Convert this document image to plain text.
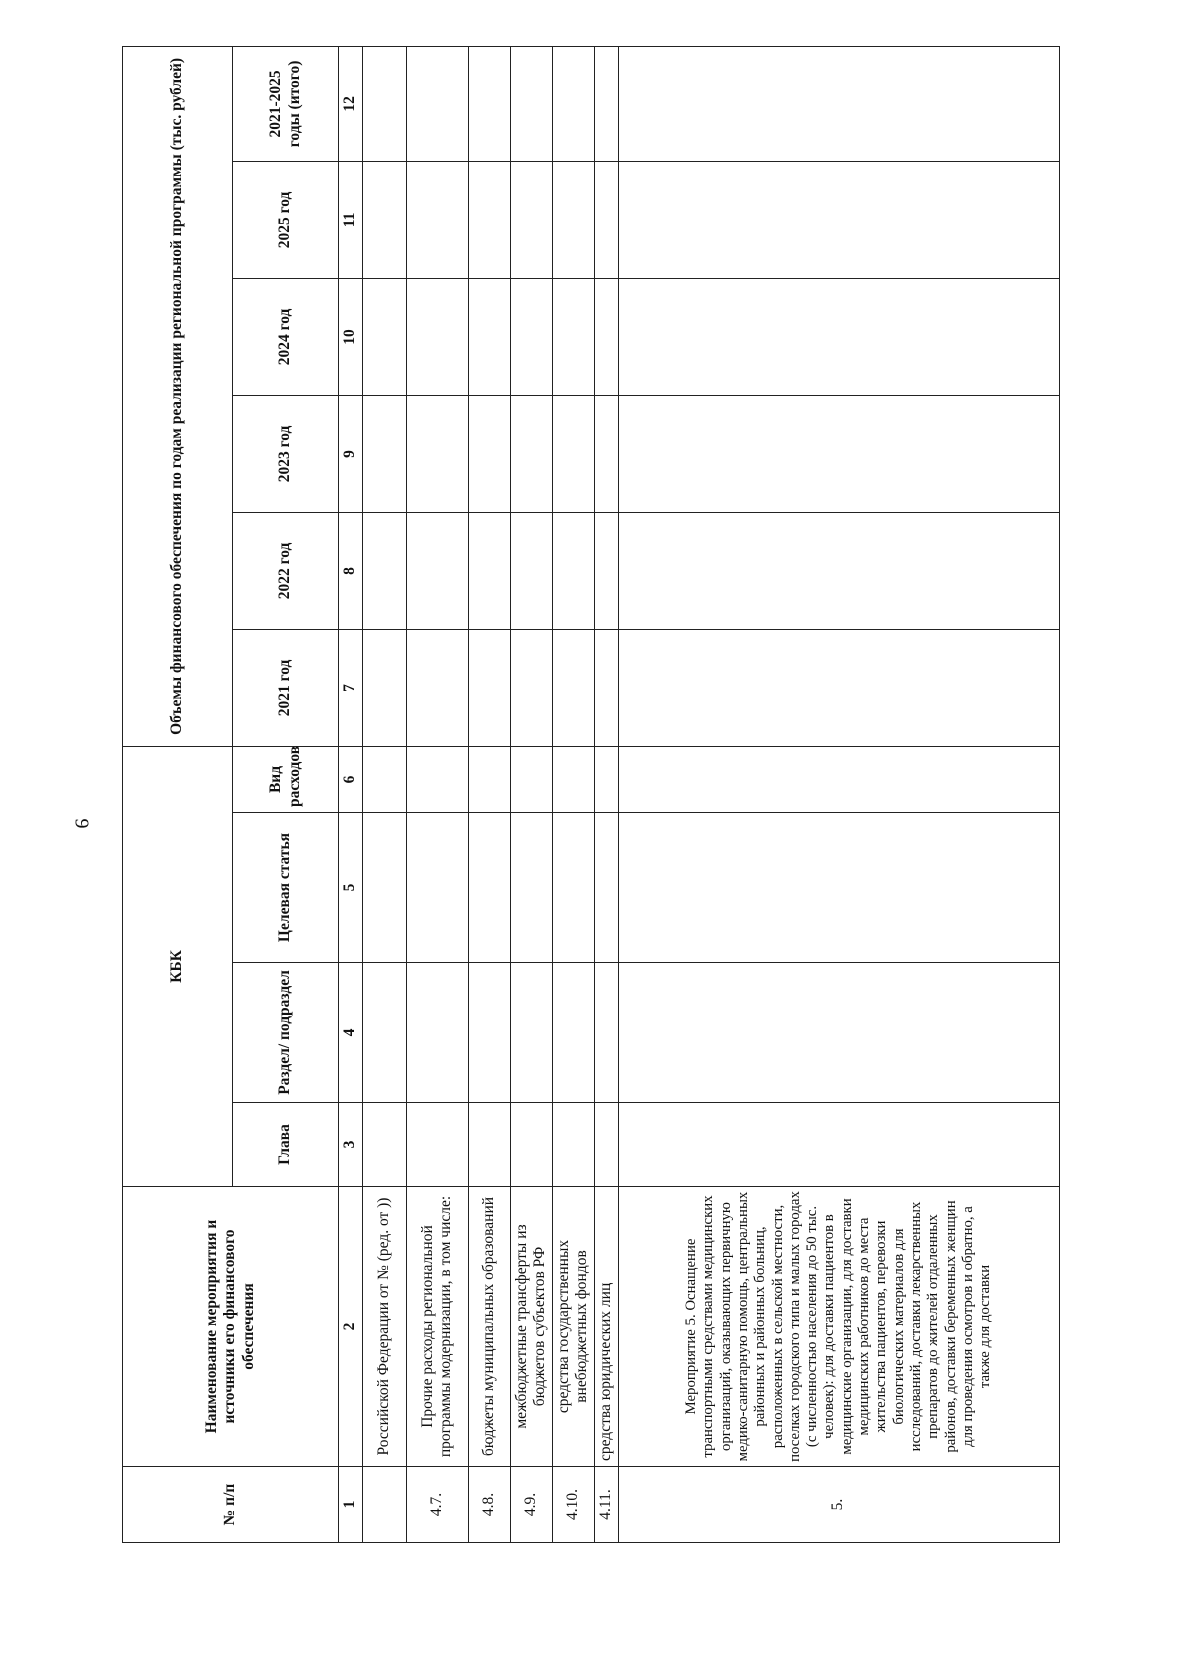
9
№ п/п	Наименование мероприятия и источники его финансового обеспечения	КБК				Объемы финансового обеспечения по годам реализации региональной программы (тыс. рублей)					
		Глава	Раздел/ подраздел	Целевая статья	Вид расходов	2021 год	2022 год	2023 год	2024 год	2025 год	2021-2025 годы (итого)
1	2	3	4	5	6	7	8	9	10	11	12
	Российской Федерации от № (ред. от ))										
4.7.	Прочие расходы региональной программы модернизации, в том числе:										
4.8.	бюджеты муниципальных образований										
4.9.	межбюджетные трансферты из бюджетов субъектов РФ										
4.10.	средства государственных внебюджетных фондов										
4.11.	средства юридических лиц										
5.	Мероприятие 5. Оснащение транспортными средствами медицинских организаций, оказывающих первичную медико-санитарную помощь, центральных районных и районных больниц, расположенных в сельской местности, поселках городского типа и малых городах (с численностью населения до 50 тыс. человек): для доставки пациентов в медицинские организации, для доставки медицинских работников до места жительства пациентов, перевозки биологических материалов для исследований, доставки лекарственных препаратов до жителей отдаленных районов, доставки беременных женщин для проведения осмотров и обратно, а также для доставки										
